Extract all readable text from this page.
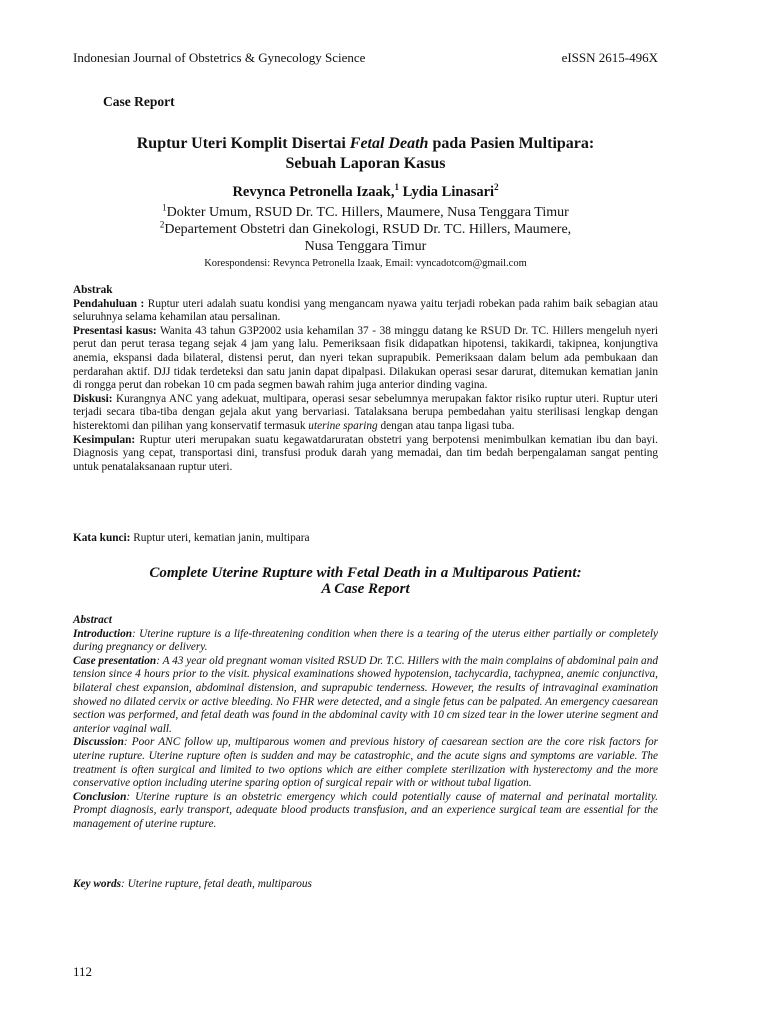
Indonesian Journal of Obstetrics & Gynecology Science	eISSN 2615-496X
Case Report
Ruptur Uteri Komplit Disertai Fetal Death pada Pasien Multipara:
Sebuah Laporan Kasus
Revynca Petronella Izaak,$^1$ Lydia Linasari$^2$
$^1$Dokter Umum, RSUD Dr. TC. Hillers, Maumere, Nusa Tenggara Timur
$^2$Departement Obstetri dan Ginekologi, RSUD Dr. TC. Hillers, Maumere,
Nusa Tenggara Timur
Korespondensi: Revynca Petronella Izaak, Email: vyncadotcom@gmail.com

Abstrak

Pendahuluan : Ruptur uteri adalah suatu kondisi yang mengancam nyawa yaitu terjadi robekan pada rahim baik sebagian atau seluruhnya selama kehamilan atau persalinan.

Presentasi kasus: Wanita 43 tahun G3P2002 usia kehamilan 37 - 38 minggu datang ke RSUD Dr. TC. Hillers mengeluh nyeri perut dan perut terasa tegang sejak 4 jam yang lalu. Pemeriksaan fisik didapatkan hipotensi, takikardi, takipnea, konjungtiva anemia, ekspansi dada bilateral, distensi perut, dan nyeri tekan suprapubik. Pemeriksaan dalam belum ada pembukaan dan perdarahan aktif. DJJ tidak terdeteksi dan satu janin dapat dipalpasi. Dilakukan operasi sesar darurat, ditemukan kematian janin di rongga perut dan robekan 10 cm pada segmen bawah rahim juga anterior dinding vagina.

Diskusi: Kurangnya ANC yang adekuat, multipara, operasi sesar sebelumnya merupakan faktor risiko ruptur uteri. Ruptur uteri terjadi secara tiba-tiba dengan gejala akut yang bervariasi. Tatalaksana berupa pembedahan yaitu sterilisasi lengkap dengan histerektomi dan pilihan yang konservatif termasuk uterine sparing dengan atau tanpa ligasi tuba.

Kesimpulan: Ruptur uteri merupakan suatu kegawatdaruratan obstetri yang berpotensi menimbulkan kematian ibu dan bayi. Diagnosis yang cepat, transportasi dini, transfusi produk darah yang memadai, dan tim bedah berpengalaman sangat penting untuk penatalaksanaan ruptur uteri.

Kata kunci: Ruptur uteri, kematian janin, multipara
Complete Uterine Rupture with Fetal Death in a Multiparous Patient:
A Case Report

Abstract

Introduction: Uterine rupture is a life-threatening condition when there is a tearing of the uterus either partially or completely during pregnancy or delivery.

Case presentation: A 43 year old pregnant woman visited RSUD Dr. T.C. Hillers with the main complains of abdominal pain and tension since 4 hours prior to the visit. physical examinations showed hypotension, tachycardia, tachypnea, anemic conjunctiva, bilateral chest expansion, abdominal distension, and suprapubic tenderness. However, the results of intravaginal examination showed no dilated cervix or active bleeding. No FHR were detected, and a single fetus can be palpated. An emergency caesarean section was performed, and fetal death was found in the abdominal cavity with 10 cm sized tear in the lower uterine segment and anterior vaginal wall.

Discussion: Poor ANC follow up, multiparous women and previous history of caesarean section are the core risk factors for uterine rupture. Uterine rupture often is sudden and may be catastrophic, and the acute signs and symptoms are variable. The treatment is often surgical and limited to two options which are either complete sterilization with hysterectomy and the more conservative option including uterine sparing option of surgical repair with or without tubal ligation.

Conclusion: Uterine rupture is an obstetric emergency which could potentially cause of maternal and perinatal mortality. Prompt diagnosis, early transport, adequate blood products transfusion, and an experience surgical team are essential for the management of uterine rupture.

Key words: Uterine rupture, fetal death, multiparous
112
